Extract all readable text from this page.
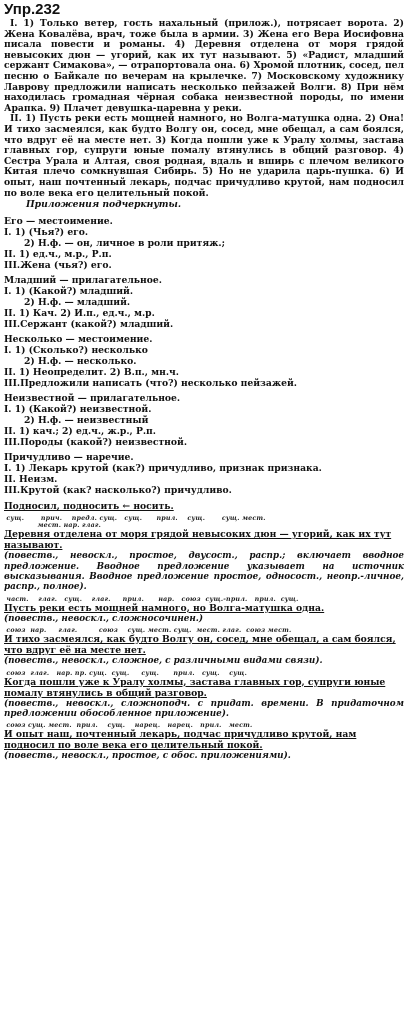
Упр.232

I. 1) Только ветер, гость нахальный (прилож.), потрясает ворота. 2) Жена Ковалёва, врач, тоже была в армии. 3) Жена его Вера Иосифовна писала повести и романы. 4) Деревня отделена от моря грядой невысоких дюн — угорий, как их тут называют. 5) «Радист, младший сержант Симакова», — отрапортовала она. 6) Хромой плотник, сосед, пел песню о Байкале по вечерам на крылечке. 7) Московскому художнику Лаврову предложили написать несколько пейзажей Волги. 8) При нём находилась громадная чёрная собака неизвестной породы, по имени Арапка. 9) Плачет девушка-царевна у реки.

II. 1) Пусть реки есть мощней намного, но Волга-матушка одна. 2) Она! И тихо засмеялся, как будто Волгу он, сосед, мне обещал, а сам боялся, что вдруг её на месте нет. 3) Когда пошли уже к Уралу холмы, застава главных гор, супруги юные помалу втянулись в общий разговор. 4) Сестра Урала и Алтая, своя родная, вдаль и вширь с плечом великого Китая плечо сомкнувшая Сибирь. 5) Но не ударила царь-пушка. 6) И опыт, наш почтенный лекарь, подчас причудливо крутой, нам подносил по воле века его целительный покой.

Приложения подчеркнуты.
Его — местоимение.
I. 1) (Чья?) его.
2) Н.ф. — он, личное в роли притяж.;
II. 1) ед.ч., м.р., Р.п.
III.Жена (чья?) его.
Младший — прилагательное.
I. 1) (Какой?) младший.
2) Н.ф. — младший.
II. 1) Кач. 2) И.п., ед.ч., м.р.
III.Сержант (какой?) младший.
Несколько — местоимение.
I. 1) (Сколько?) несколько
2) Н.ф. — несколько.
II. 1) Неопределит. 2) В.п., мн.ч.
III.Предложили написать (что?) несколько пейзажей.
Неизвестной — прилагательное.
I. 1) (Какой?) неизвестной.
2) Н.ф. — неизвестный
II. 1) кач.; 2) ед.ч., ж.р., Р.п.
III.Породы (какой?) неизвестной.
Причудливо — наречие.
I. 1) Лекарь крутой (как?) причудливо, признак признака.
II. Неизм.
III.Крутой (как? насколько?) причудливо.
Подносил, подносить ← носить.
сущ.       прич.    предл. сущ.   сущ.      прил.    сущ.       сущ. мест.
мест. нар. глаг.
Деревня отделена от моря грядой невысоких дюн — угорий, как их тут называют.
(повеств., невоскл., простое, двусост., распр.; включает вводное предложение. Вводное предложение указывает на источник высказывания. Вводное предложение простое, односост., неопр.-личное, распр., полное).
част.    глаг.   сущ.    глаг.     прил.      нар.   союз  сущ.-прил.   прил.  сущ.
Пусть реки есть мощней намного, но Волга-матушка одна.
(повеств., невоскл., сложносочинен.)
союз  нар.     глаг.         союз    сущ. мест. сущ.  мест. глаг.  союз мест.
И тихо засмеялся, как будто Волгу он, сосед, мне обещал, а сам боялся, что вдруг её на месте нет.
(повеств., невоскл., сложное, с различными видами связи).
союз  глаг.   нар. пр. сущ.  сущ.     сущ.      прил.   сущ.    сущ.
Когда пошли уже к Уралу холмы, застава главных гор, супруги юные помалу втянулись в общий разговор.
(повеств., невоскл., сложноподч. с придат. времени. В придаточном предложении обособленное приложение).
союз сущ. мест.  прил.    сущ.    нарец.   нарец.   прил.   мест.
И опыт наш, почтенный лекарь, подчас причудливо крутой, нам подносил по воле века его целительный покой.
(повеств., невоскл., простое, с обос. приложениями).
